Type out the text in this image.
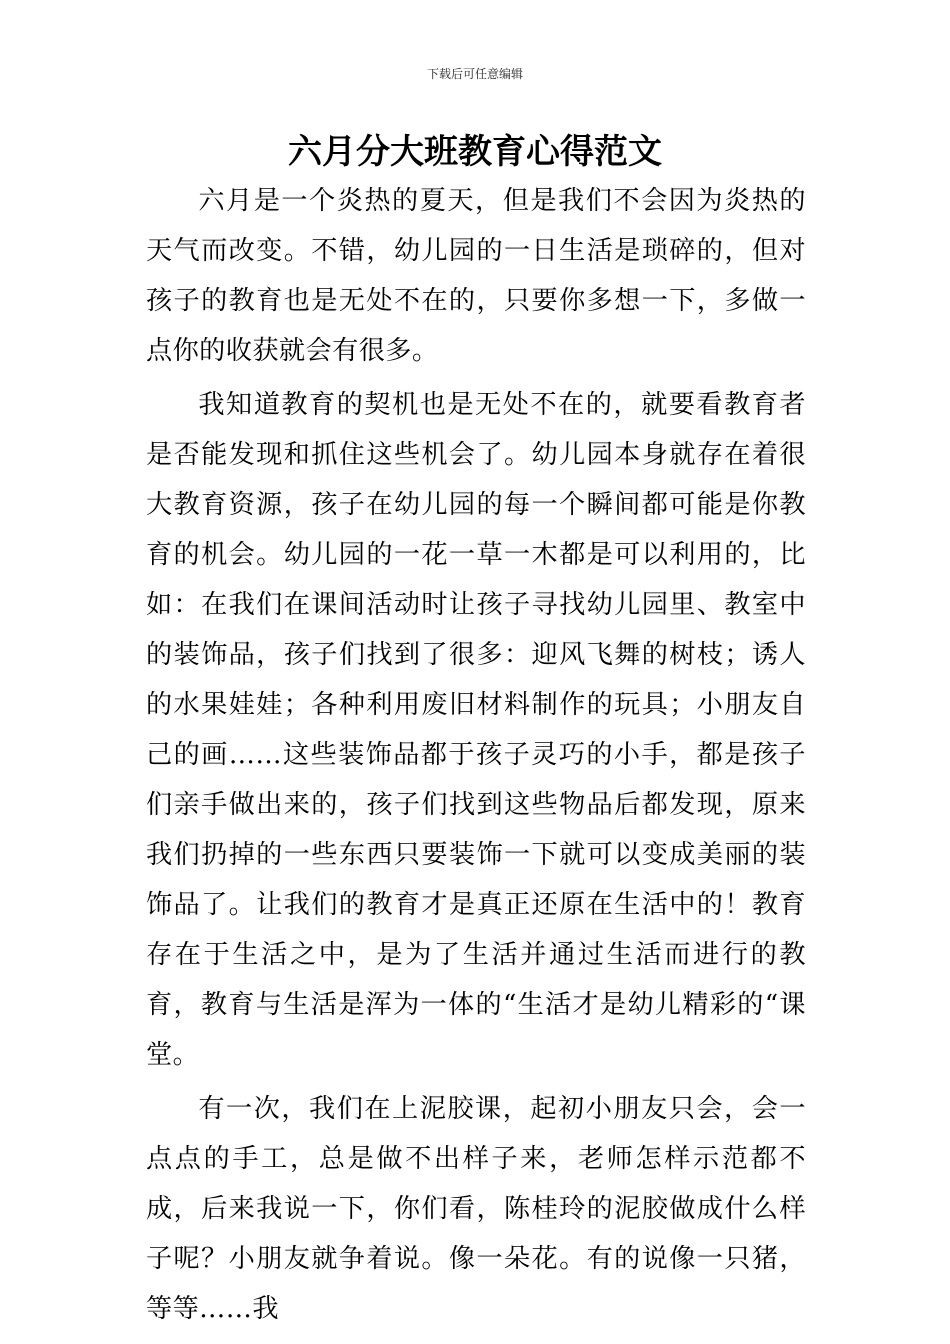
下载后可任意编辑
六月分大班教育心得范文

六月是一个炎热的夏天，但是我们不会因为炎热的天气而改变。不错，幼儿园的一日生活是琐碎的，但对孩子的教育也是无处不在的，只要你多想一下，多做一点你的收获就会有很多。

我知道教育的契机也是无处不在的，就要看教育者是否能发现和抓住这些机会了。幼儿园本身就存在着很大教育资源，孩子在幼儿园的每一个瞬间都可能是你教育的机会。幼儿园的一花一草一木都是可以利用的，比如：在我们在课间活动时让孩子寻找幼儿园里、教室中的装饰品，孩子们找到了很多：迎风飞舞的树枝；诱人的水果娃娃；各种利用废旧材料制作的玩具；小朋友自己的画……这些装饰品都于孩子灵巧的小手，都是孩子们亲手做出来的，孩子们找到这些物品后都发现，原来我们扔掉的一些东西只要装饰一下就可以变成美丽的装饰品了。让我们的教育才是真正还原在生活中的！教育存在于生活之中，是为了生活并通过生活而进行的教育，教育与生活是浑为一体的“生活才是幼儿精彩的“课堂。

有一次，我们在上泥胶课，起初小朋友只会，会一点点的手工，总是做不出样子来，老师怎样示范都不成，后来我说一下，你们看，陈桂玲的泥胶做成什么样子呢？小朋友就争着说。像一朵花。有的说像一只猪，等等……我
